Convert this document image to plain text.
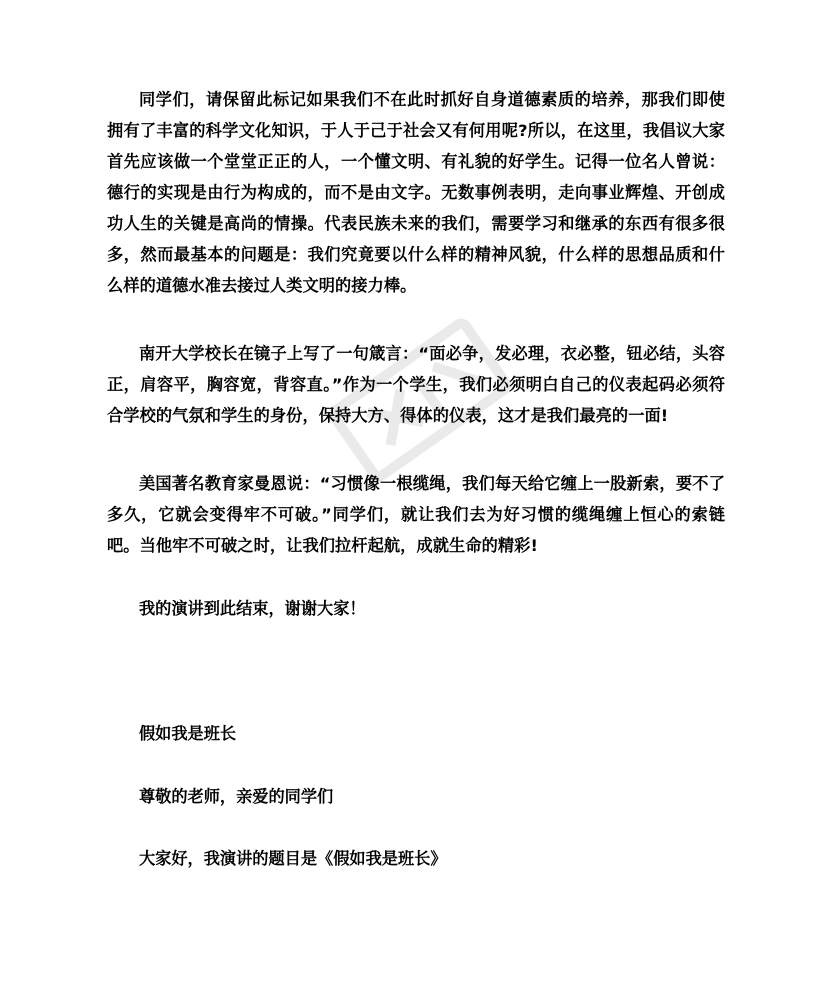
同学们，请保留此标记如果我们不在此时抓好自身道德素质的培养，那我们即使拥有了丰富的科学文化知识，于人于己于社会又有何用呢?所以，在这里，我倡议大家首先应该做一个堂堂正正的人，一个懂文明、有礼貌的好学生。记得一位名人曾说：德行的实现是由行为构成的，而不是由文字。无数事例表明，走向事业辉煌、开创成功人生的关键是高尚的情操。代表民族未来的我们，需要学习和继承的东西有很多很多，然而最基本的问题是：我们究竟要以什么样的精神风貌，什么样的思想品质和什么样的道德水准去接过人类文明的接力棒。

南开大学校长在镜子上写了一句箴言：“面必争，发必理，衣必整，钮必结，头容正，肩容平，胸容宽，背容直。”作为一个学生，我们必须明白自己的仪表起码必须符合学校的气氛和学生的身份，保持大方、得体的仪表，这才是我们最亮的一面!

美国著名教育家曼恩说：“习惯像一根缆绳，我们每天给它缠上一股新索，要不了多久，它就会变得牢不可破。”同学们，就让我们去为好习惯的缆绳缠上恒心的索链吧。当他牢不可破之时，让我们拉杆起航，成就生命的精彩!

我的演讲到此结束，谢谢大家！

假如我是班长

尊敬的老师，亲爱的同学们

大家好，我演讲的题目是《假如我是班长》
